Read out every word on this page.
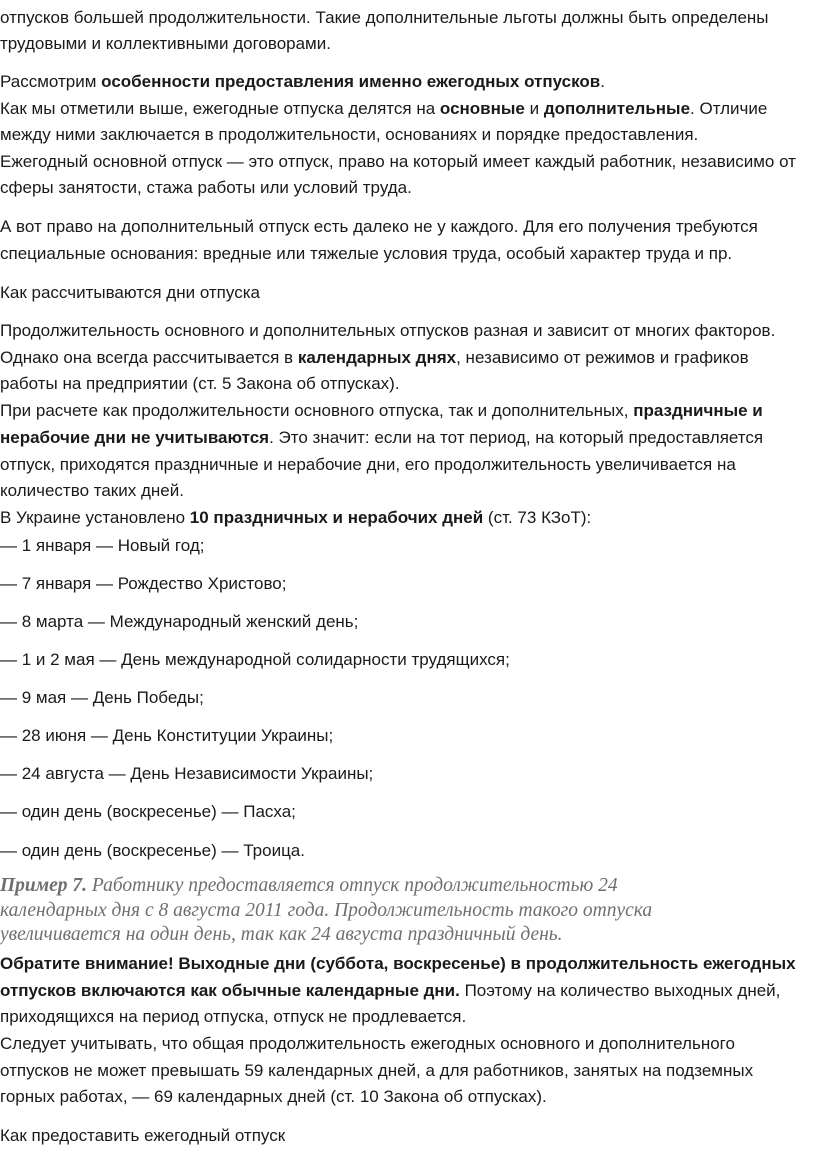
отпусков большей продолжительности. Такие дополнительные льготы должны быть определены
трудовыми и коллективными договорами.
Рассмотрим особенности предоставления именно ежегодных отпусков.
Как мы отметили выше, ежегодные отпуска делятся на основные и дополнительные. Отличие
между ними заключается в продолжительности, основаниях и порядке предоставления.
Ежегодный основной отпуск — это отпуск, право на который имеет каждый работник, независимо от
сферы занятости, стажа работы или условий труда.
А вот право на дополнительный отпуск есть далеко не у каждого. Для его получения требуются
специальные основания: вредные или тяжелые условия труда, особый характер труда и пр.
Как рассчитываются дни отпуска
Продолжительность основного и дополнительных отпусков разная и зависит от многих факторов.
Однако она всегда рассчитывается в календарных днях, независимо от режимов и графиков
работы на предприятии (ст. 5 Закона об отпусках).
При расчете как продолжительности основного отпуска, так и дополнительных, праздничные и
нерабочие дни не учитываются. Это значит: если на тот период, на который предоставляется
отпуск, приходятся праздничные и нерабочие дни, его продолжительность увеличивается на
количество таких дней.
В Украине установлено 10 праздничных и нерабочих дней (ст. 73 КЗоТ):
— 1 января — Новый год;
— 7 января — Рождество Христово;
— 8 марта — Международный женский день;
— 1 и 2 мая — День международной солидарности трудящихся;
— 9 мая — День Победы;
— 28 июня — День Конституции Украины;
— 24 августа — День Независимости Украины;
— один день (воскресенье) — Пасха;
— один день (воскресенье) — Троица.
Пример 7. Работнику предоставляется отпуск продолжительностью 24
календарных дня с 8 августа 2011 года. Продолжительность такого отпуска
увеличивается на один день, так как 24 августа праздничный день.
Обратите внимание! Выходные дни (суббота, воскресенье) в продолжительность ежегодных
отпусков включаются как обычные календарные дни. Поэтому на количество выходных дней,
приходящихся на период отпуска, отпуск не продлевается.
Следует учитывать, что общая продолжительность ежегодных основного и дополнительного
отпусков не может превышать 59 календарных дней, а для работников, занятых на подземных
горных работах, — 69 календарных дней (ст. 10 Закона об отпусках).
Как предоставить ежегодный отпуск
